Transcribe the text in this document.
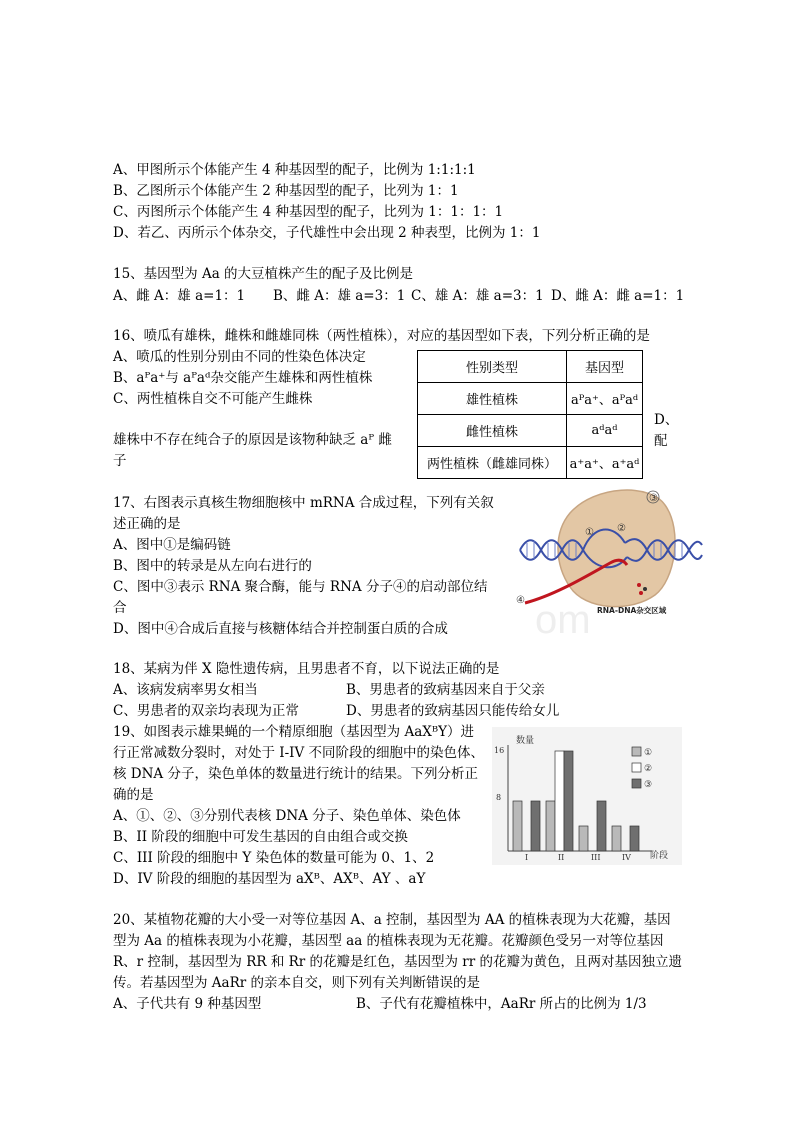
A、甲图所示个体能产生 4 种基因型的配子，比例为 1:1:1:1
B、乙图所示个体能产生 2 种基因型的配子，比列为 1：1
C、丙图所示个体能产生 4 种基因型的配子，比列为 1：1：1：1
D、若乙、丙所示个体杂交，子代雄性中会出现 2 种表型，比例为 1：1
15、基因型为 Aa 的大豆植株产生的配子及比例是
A、雌 A：雄 a=1：1 B、雌 A：雄 a=3：1 C、雄 A：雄 a=3：1 D、雌 A：雌 a=1：1
16、喷瓜有雄株，雌株和雌雄同株（两性植株），对应的基因型如下表，下列分析正确的是
A、喷瓜的性别分别由不同的性染色体决定
B、aᴾa⁺与 aᴾaᵈ杂交能产生雄株和两性植株
C、两性植株自交不可能产生雌株
雄株中不存在纯合子的原因是该物种缺乏 aᴾ 雌
子
D、
配
性别类型	基因型
雄性植株	aᴾa⁺、aᴾaᵈ
雌性植株	aᵈaᵈ
两性植株（雌雄同株）	a⁺a⁺、a⁺aᵈ
17、右图表示真核生物细胞核中 mRNA 合成过程，下列有关叙
述正确的是
A、图中①是编码链
B、图中的转录是从左向右进行的
C、图中③表示 RNA 聚合酶，能与 RNA 分子④的启动部位结
合
D、图中④合成后直接与核糖体结合并控制蛋白质的合成 om
③
① ②
④
RNA-DNA杂交区域
18、某病为伴 X 隐性遗传病，且男患者不育，以下说法正确的是
A、该病发病率男女相当	B、男患者的致病基因来自于父亲
C、男患者的双亲均表现为正常	D、男患者的致病基因只能传给女儿
19、如图表示雄果蝇的一个精原细胞（基因型为 AaXᴮY）进
行正常减数分裂时，对处于 I-IV 不同阶段的细胞中的染色体、
核 DNA 分子，染色单体的数量进行统计的结果。下列分析正
确的是
A、①、②、③分别代表核 DNA 分子、染色单体、染色体
B、II 阶段的细胞中可发生基因的自由组合或交换
C、III 阶段的细胞中 Y 染色体的数量可能为 0、1、2
D、IV 阶段的细胞的基因型为 aXᴮ、AXᴮ、AY 、aY
数量
阶段
8
16
I	II	III	IV
①
②
③
20、某植物花瓣的大小受一对等位基因 A、a 控制，基因型为 AA 的植株表现为大花瓣，基因
型为 Aa 的植株表现为小花瓣，基因型 aa 的植株表现为无花瓣。花瓣颜色受另一对等位基因
R、r 控制，基因型为 RR 和 Rr 的花瓣是红色，基因型为 rr 的花瓣为黄色，且两对基因独立遗
传。若基因型为 AaRr 的亲本自交，则下列有关判断错误的是
A、子代共有 9 种基因型	B、子代有花瓣植株中，AaRr 所占的比例为 1/3
